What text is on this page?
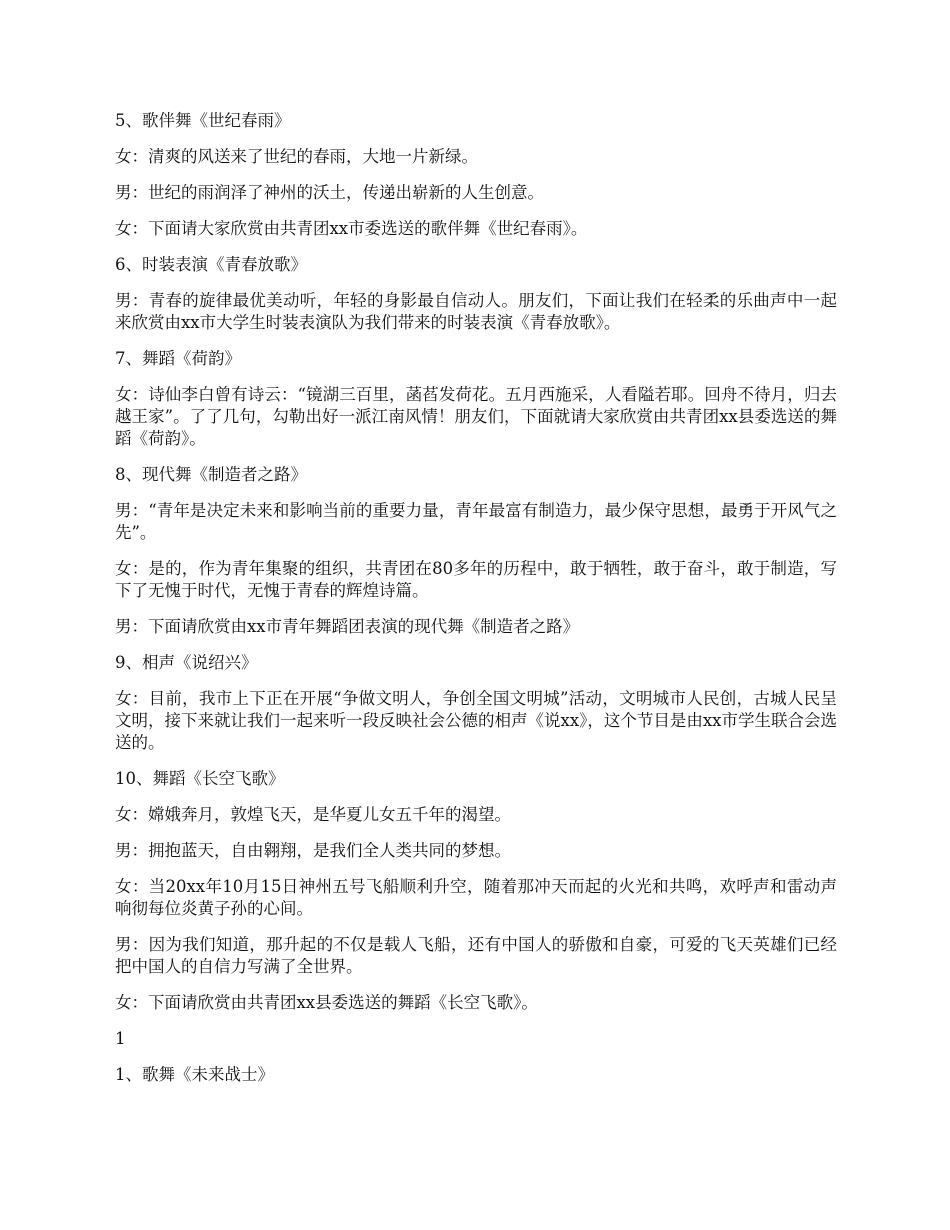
5、歌伴舞《世纪春雨》

女：清爽的风送来了世纪的春雨，大地一片新绿。

男：世纪的雨润泽了神州的沃土，传递出崭新的人生创意。

女：下面请大家欣赏由共青团xx市委选送的歌伴舞《世纪春雨》。

6、时装表演《青春放歌》

男：青春的旋律最优美动听，年轻的身影最自信动人。朋友们，下面让我们在轻柔的乐曲声中一起来欣赏由xx市大学生时装表演队为我们带来的时装表演《青春放歌》。

7、舞蹈《荷韵》

女：诗仙李白曾有诗云：“镜湖三百里，菡萏发荷花。五月西施采，人看隘若耶。回舟不待月，归去越王家”。了了几句，勾勒出好一派江南风情！朋友们，下面就请大家欣赏由共青团xx县委选送的舞蹈《荷韵》。

8、现代舞《制造者之路》

男：“青年是决定未来和影响当前的重要力量，青年最富有制造力，最少保守思想，最勇于开风气之先”。

女：是的，作为青年集聚的组织，共青团在80多年的历程中，敢于牺牲，敢于奋斗，敢于制造，写下了无愧于时代，无愧于青春的辉煌诗篇。

男：下面请欣赏由xx市青年舞蹈团表演的现代舞《制造者之路》

9、相声《说绍兴》

女：目前，我市上下正在开展“争做文明人，争创全国文明城”活动，文明城市人民创，古城人民呈文明，接下来就让我们一起来听一段反映社会公德的相声《说xx》，这个节目是由xx市学生联合会选送的。

10、舞蹈《长空飞歌》

女：嫦娥奔月，敦煌飞天，是华夏儿女五千年的渴望。

男：拥抱蓝天，自由翱翔，是我们全人类共同的梦想。

女：当20xx年10月15日神州五号飞船顺利升空，随着那冲天而起的火光和共鸣，欢呼声和雷动声响彻每位炎黄子孙的心间。

男：因为我们知道，那升起的不仅是载人飞船，还有中国人的骄傲和自豪，可爱的飞天英雄们已经把中国人的自信力写满了全世界。

女：下面请欣赏由共青团xx县委选送的舞蹈《长空飞歌》。

1

1、歌舞《未来战士》
